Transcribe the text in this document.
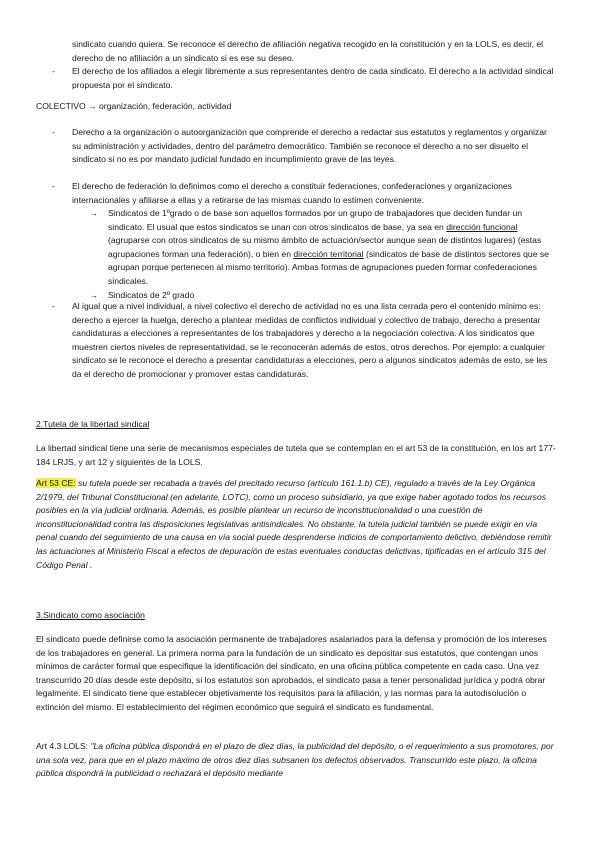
sindicato cuando quiera. Se reconoce el derecho de afiliación negativa recogido en la constitución y en la LOLS, es decir, el derecho de no afiliación a un sindicato si es ese su deseo.

- El derecho de los afiliados a elegir libremente a sus representantes dentro de cada sindicato. El derecho a la actividad sindical propuesta por el sindicato.

COLECTIVO → organización, federación, actividad

- Derecho a la organización o autoorganización que comprende el derecho a redactar sus estatutos y reglamentos y organizar su administración y actividades, dentro del parámetro democrático. También se reconoce el derecho a no ser disuelto el sindicato si no es por mandato judicial fundado en incumplimiento grave de las leyes.

- El derecho de federación lo definimos como el derecho a constituir federaciones, confederaciones y organizaciones internacionales y afiliarse a ellas y a retirarse de las mismas cuando lo estimen conveniente.

→ Sindicatos de 1ºgrado o de base son aquellos formados por un grupo de trabajadores que deciden fundar un sindicato. El usual que estos sindicatos se unan con otros sindicatos de base, ya sea en dirección funcional (agruparse con otros sindicatos de su mismo ámbito de actuación/sector aunque sean de distintos lugares) (estas agrupaciones forman una federación), o bien en dirección territorial (sindicatos de base de distintos sectores que se agrupan porque pertenecen al mismo territorio). Ambas formas de agrupaciones pueden formar confederaciones sindicales.

→ Sindicatos de 2º grado

- Al igual que a nivel individual, a nivel colectivo el derecho de actividad no es una lista cerrada pero el contenido mínimo es: derecho a ejercer la huelga, derecho a plantear medidas de conflictos individual y colectivo de trabajo, derecho a presentar candidaturas a elecciones a representantes de los trabajadores y derecho a la negociación colectiva. A los sindicatos que muestren ciertos niveles de representatividad, se le reconocerán además de estos, otros derechos. Por ejemplo: a cualquier sindicato se le reconoce el derecho a presentar candidaturas a elecciones, pero a algunos sindicatos además de esto, se les da el derecho de promocionar y promover estas candidaturas.

2.Tutela de la libertad sindical

La libertad sindical tiene una serie de mecanismos especiales de tutela que se contemplan en el art 53 de la constitución, en los art 177- 184 LRJS, y art 12 y siguientes de la LOLS.

Art 53 CE: su tutela puede ser recabada a través del precitado recurso (artículo 161.1.b) CE), regulado a través de la Ley Orgánica 2/1979, del Tribunal Constitucional (en adelante, LOTC), como un proceso subsidiario, ya que exige haber agotado todos los recursos posibles en la vía judicial ordinaria. Además, es posible plantear un recurso de inconstitucionalidad o una cuestión de inconstitucionalidad contra las disposiciones legislativas antisindicales. No obstante, la tutela judicial también se puede exigir en vía penal cuando del seguimiento de una causa en vía social puede desprenderse indicios de comportamiento delictivo, debiéndose remitir las actuaciones al Ministerio Fiscal a efectos de depuración de estas eventuales conductas delictivas, tipificadas en el artículo 315 del Código Penal .

3.Sindicato como asociación

El sindicato puede definirse como la asociación permanente de trabajadores asalariados para la defensa y promoción de los intereses de los trabajadores en general. La primera norma para la fundación de un sindicato es depositar sus estatutos, que contengan unos mínimos de carácter formal que especifique la identificación del sindicato, en una oficina pública competente en cada caso. Una vez transcurrido 20 días desde este depósito, si los estatutos son aprobados, el sindicato pasa a tener personalidad jurídica y podrá obrar legalmente. El sindicato tiene que establecer objetivamente los requisitos para la afiliación, y las normas para la autodisolución o extinción del mismo. El establecimiento del régimen económico que seguirá el sindicato es fundamental.

Art 4.3 LOLS: "La oficina pública dispondrá en el plazo de diez días, la publicidad del depósito, o el requerimiento a sus promotores, por una sola vez, para que en el plazo máximo de otros diez días subsanen los defectos observados. Transcurrido este plazo, la oficina pública dispondrá la publicidad o rechazará el depósito mediante
